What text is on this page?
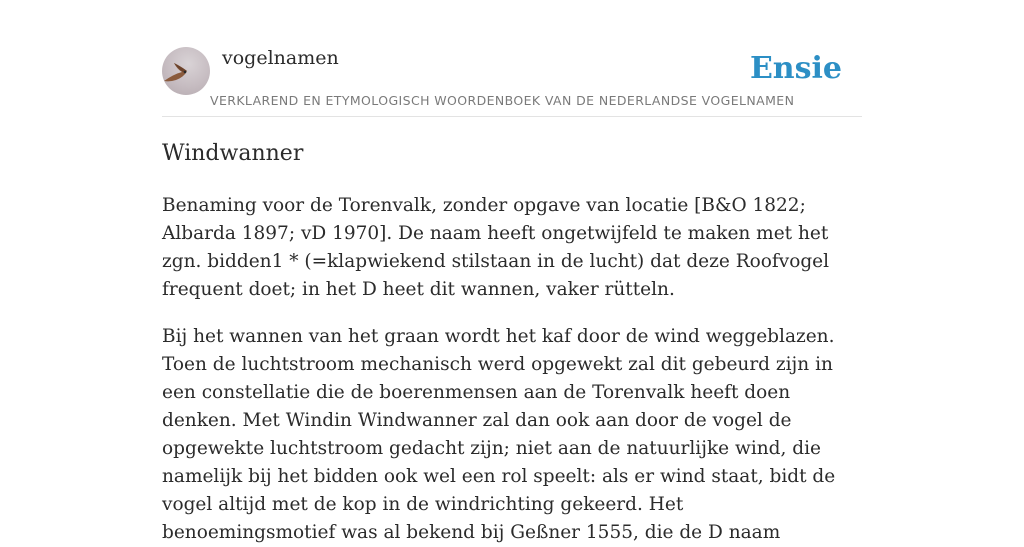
vogelnamen
VERKLAREND EN ETYMOLOGISCH WOORDENBOEK VAN DE NEDERLANDSE VOGELNAMEN
Ensie
Windwanner

Benaming voor de Torenvalk, zonder opgave van locatie [B&O 1822; Albarda 1897; vD 1970]. De naam heeft ongetwijfeld te maken met het zgn. bidden1 * (=klapwiekend stilstaan in de lucht) dat deze Roofvogel frequent doet; in het D heet dit wannen, vaker rütteln.

Bij het wannen van het graan wordt het kaf door de wind weggeblazen. Toen de luchtstroom mechanisch werd opgewekt zal dit gebeurd zijn in een constellatie die de boerenmensen aan de Torenvalk heeft doen denken. Met Windin Windwanner zal dan ook aan door de vogel de opgewekte luchtstroom gedacht zijn; niet aan de natuurlijke wind, die namelijk bij het bidden ook wel een rol speelt: als er wind staat, bidt de vogel altijd met de kop in de windrichting gekeerd. Het benoemingsmotief was al bekend bij Geßner 1555, die de D naam
